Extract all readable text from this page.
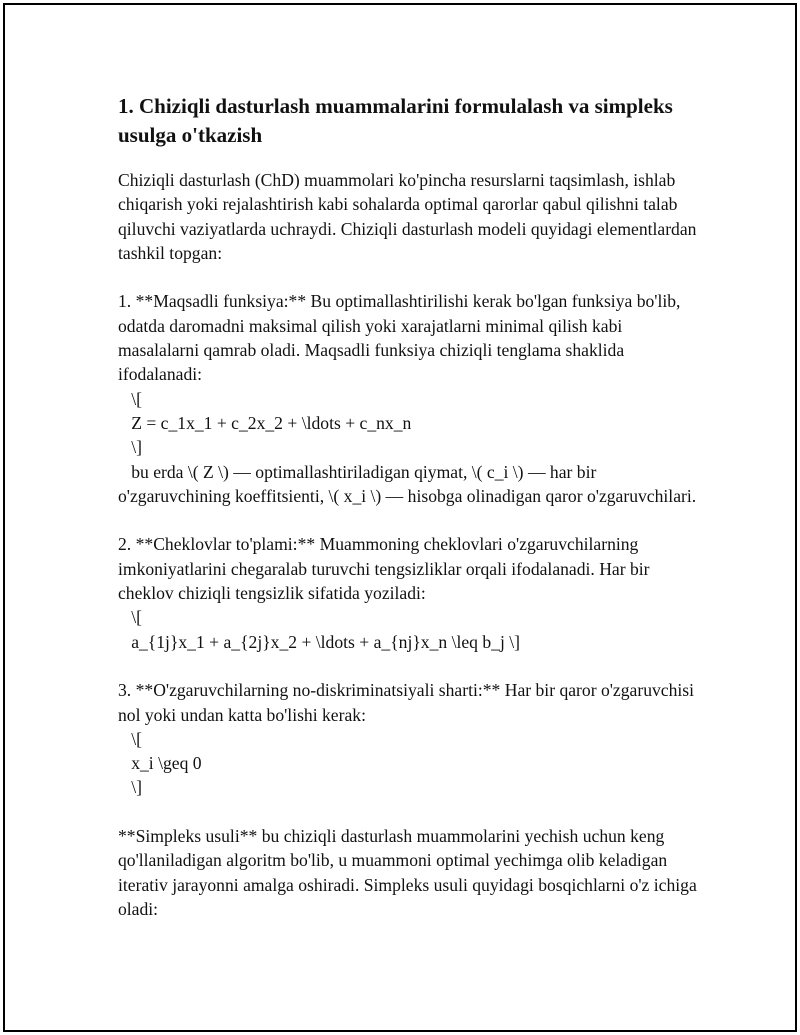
1. Chiziqli dasturlash muammalarini formulalash va simpleks usulga o'tkazish

Chiziqli dasturlash (ChD) muammolari ko'pincha resurslarni taqsimlash, ishlab chiqarish yoki rejalashtirish kabi sohalarda optimal qarorlar qabul qilishni talab qiluvchi vaziyatlarda uchraydi. Chiziqli dasturlash modeli quyidagi elementlardan tashkil topgan:

1. **Maqsadli funksiya:** Bu optimallashtirilishi kerak bo'lgan funksiya bo'lib, odatda daromadni maksimal qilish yoki xarajatlarni minimal qilish kabi masalalarni qamrab oladi. Maqsadli funksiya chiziqli tenglama shaklida ifodalanadi:
\[
Z = c_1x_1 + c_2x_2 + \ldots + c_nx_n
\]
bu erda \( Z \) — optimallashtiriladigan qiymat, \( c_i \) — har bir o'zgaruvchining koeffitsienti, \( x_i \) — hisobga olinadigan qaror o'zgaruvchilari.

2. **Cheklovlar to'plami:** Muammoning cheklovlari o'zgaruvchilarning imkoniyatlarini chegaralab turuvchi tengsizliklar orqali ifodalanadi. Har bir cheklov chiziqli tengsizlik sifatida yoziladi:
\[
a_{1j}x_1 + a_{2j}x_2 + \ldots + a_{nj}x_n \leq b_j \]

3. **O'zgaruvchilarning no-diskriminatsiyali sharti:** Har bir qaror o'zgaruvchisi nol yoki undan katta bo'lishi kerak:
\[
x_i \geq 0
\]

**Simpleks usuli** bu chiziqli dasturlash muammolarini yechish uchun keng qo'llaniladigan algoritm bo'lib, u muammoni optimal yechimga olib keladigan iterativ jarayonni amalga oshiradi. Simpleks usuli quyidagi bosqichlarni o'z ichiga oladi:
